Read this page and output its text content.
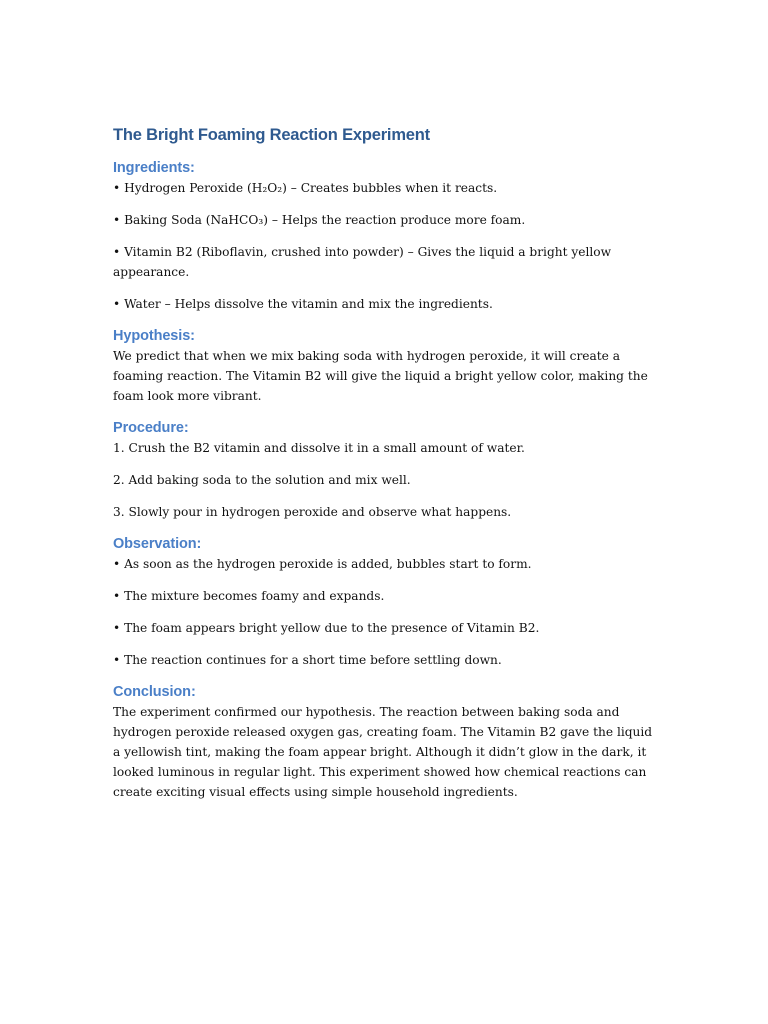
The Bright Foaming Reaction Experiment
Ingredients:
• Hydrogen Peroxide (H₂O₂) – Creates bubbles when it reacts.
• Baking Soda (NaHCO₃) – Helps the reaction produce more foam.
• Vitamin B2 (Riboflavin, crushed into powder) – Gives the liquid a bright yellow appearance.
• Water – Helps dissolve the vitamin and mix the ingredients.
Hypothesis:

We predict that when we mix baking soda with hydrogen peroxide, it will create a foaming reaction. The Vitamin B2 will give the liquid a bright yellow color, making the foam look more vibrant.

Procedure:
1. Crush the B2 vitamin and dissolve it in a small amount of water.
2. Add baking soda to the solution and mix well.
3. Slowly pour in hydrogen peroxide and observe what happens.
Observation:
• As soon as the hydrogen peroxide is added, bubbles start to form.
• The mixture becomes foamy and expands.
• The foam appears bright yellow due to the presence of Vitamin B2.
• The reaction continues for a short time before settling down.
Conclusion:

The experiment confirmed our hypothesis. The reaction between baking soda and hydrogen peroxide released oxygen gas, creating foam. The Vitamin B2 gave the liquid a yellowish tint, making the foam appear bright. Although it didn’t glow in the dark, it looked luminous in regular light. This experiment showed how chemical reactions can create exciting visual effects using simple household ingredients.
